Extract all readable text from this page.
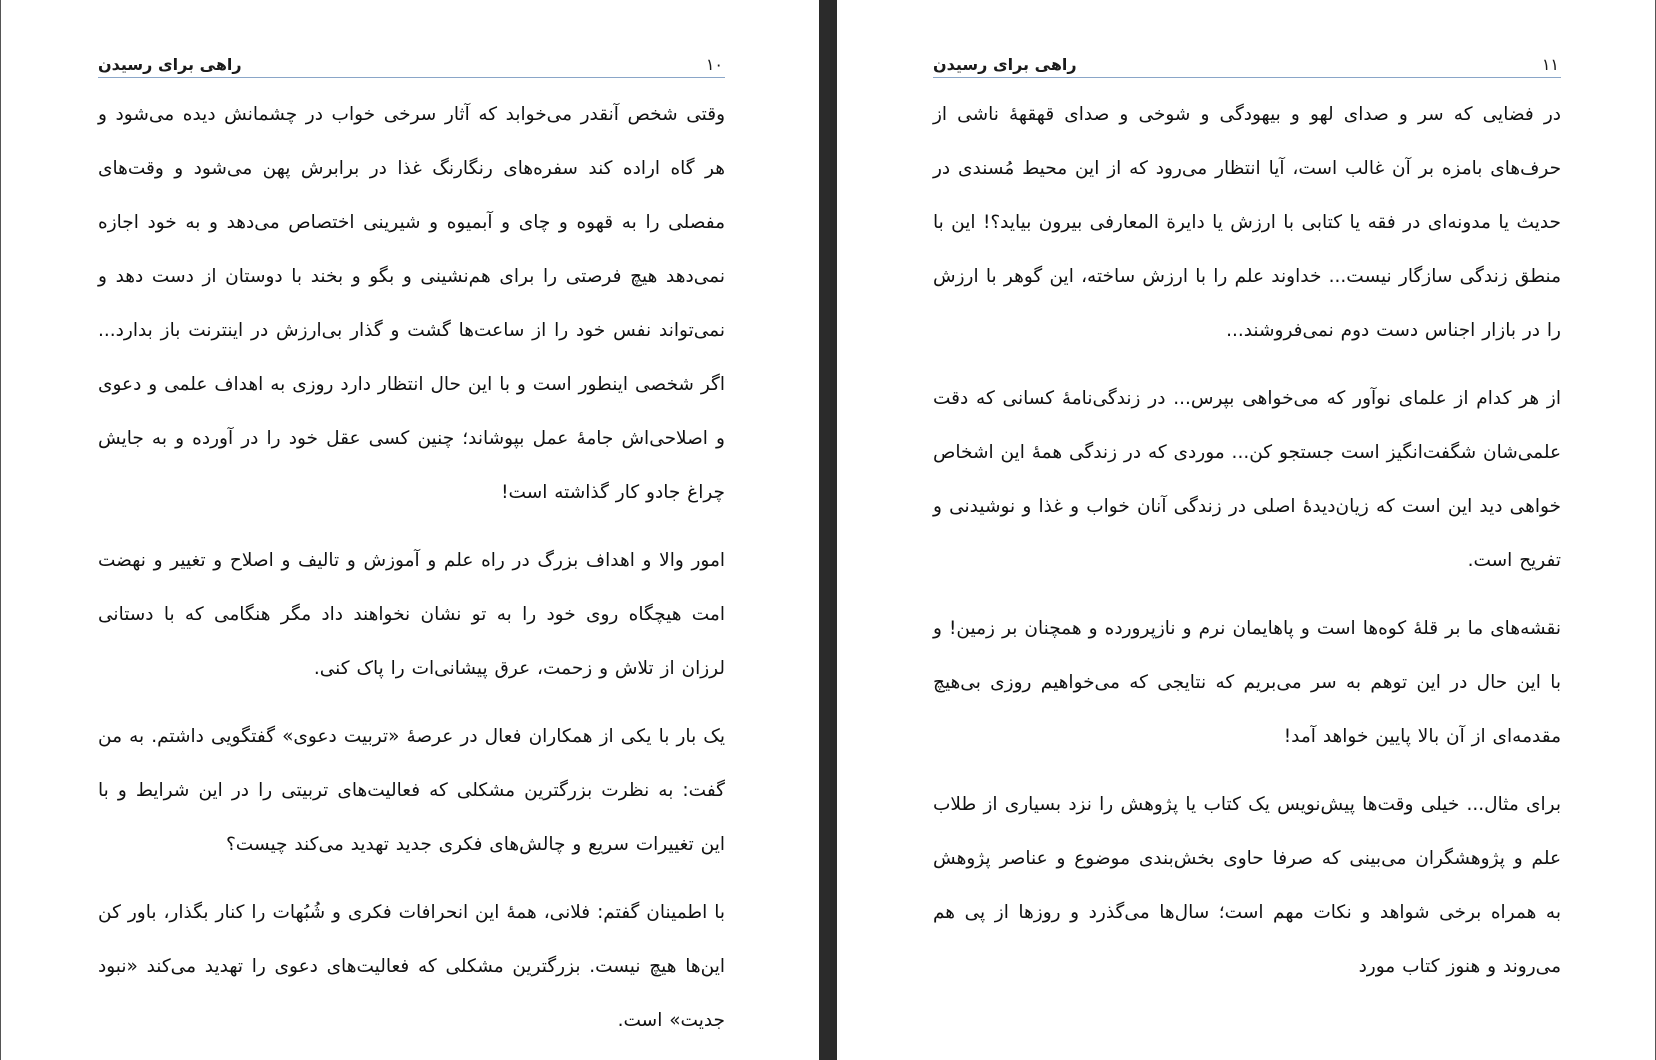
راهی برای رسیدن	۱۰

وقتی شخص آنقدر می‌خوابد که آثار سرخی خواب در چشمانش دیده می‌شود و هر گاه اراده کند سفره‌های رنگارنگ غذا در برابرش پهن می‌شود و وقت‌های مفصلی را به قهوه و چای و آبمیوه و شیرینی اختصاص می‌دهد و به خود اجازه نمی‌دهد هیچ فرصتی را برای هم‌نشینی و بگو و بخند با دوستان از دست دهد و نمی‌تواند نفس خود را از ساعت‌ها گشت و گذار بی‌ارزش در اینترنت باز بدارد... اگر شخصی اینطور است و با این حال انتظار دارد روزی به اهداف علمی و دعوی و اصلاحی‌اش جامهٔ عمل بپوشاند؛ چنین کسی عقل خود را در آورده و به جایش چراغ جادو کار گذاشته است!

امور والا و اهداف بزرگ در راه علم و آموزش و تالیف و اصلاح و تغییر و نهضت امت هیچگاه روی خود را به تو نشان نخواهند داد مگر هنگامی که با دستانی لرزان از تلاش و زحمت، عرق پیشانی‌ات را پاک کنی.

یک بار با یکی از همکاران فعال در عرصهٔ «تربیت دعوی» گفتگویی داشتم. به من گفت: به نظرت بزرگترین مشکلی که فعالیت‌های تربیتی را در این شرایط و با این تغییرات سریع و چالش‌های فکری جدید تهدید می‌کند چیست؟

با اطمینان گفتم: فلانی، همهٔ این انحرافات فکری و شُبُهات را کنار بگذار، باور کن این‌ها هیچ نیست. بزرگترین مشکلی که فعالیت‌های دعوی را تهدید می‌کند «نبود جدیت» است.

راهی برای رسیدن	۱۱

در فضایی که سر و صدای لهو و بیهودگی و شوخی و صدای قهقههٔ ناشی از حرف‌های بامزه بر آن غالب است، آیا انتظار می‌رود که از این محیط مُسندی در حدیث یا مدونه‌ای در فقه یا کتابی با ارزش یا دایرة المعارفی بیرون بیاید؟! این با منطق زندگی سازگار نیست... خداوند علم را با ارزش ساخته، این گوهر با ارزش را در بازار اجناس دست دوم نمی‌فروشند...

از هر کدام از علمای نوآور که می‌خواهی بپرس... در زندگی‌نامهٔ کسانی که دقت علمی‌شان شگفت‌انگیز است جستجو کن... موردی که در زندگی همهٔ این اشخاص خواهی دید این است که زیان‌دیدهٔ اصلی در زندگی آنان خواب و غذا و نوشیدنی و تفریح است.

نقشه‌های ما بر قلهٔ کوه‌ها است و پاهایمان نرم و نازپرورده و همچنان بر زمین! و با این حال در این توهم به سر می‌بریم که نتایجی که می‌خواهیم روزی بی‌هیچ مقدمه‌ای از آن بالا پایین خواهد آمد!

برای مثال... خیلی وقت‌ها پیش‌نویس یک کتاب یا پژوهش را نزد بسیاری از طلاب علم و پژوهشگران می‌بینی که صرفا حاوی بخش‌بندی موضوع و عناصر پژوهش به همراه برخی شواهد و نکات مهم است؛ سال‌ها می‌گذرد و روزها از پی هم می‌روند و هنوز کتاب مورد
